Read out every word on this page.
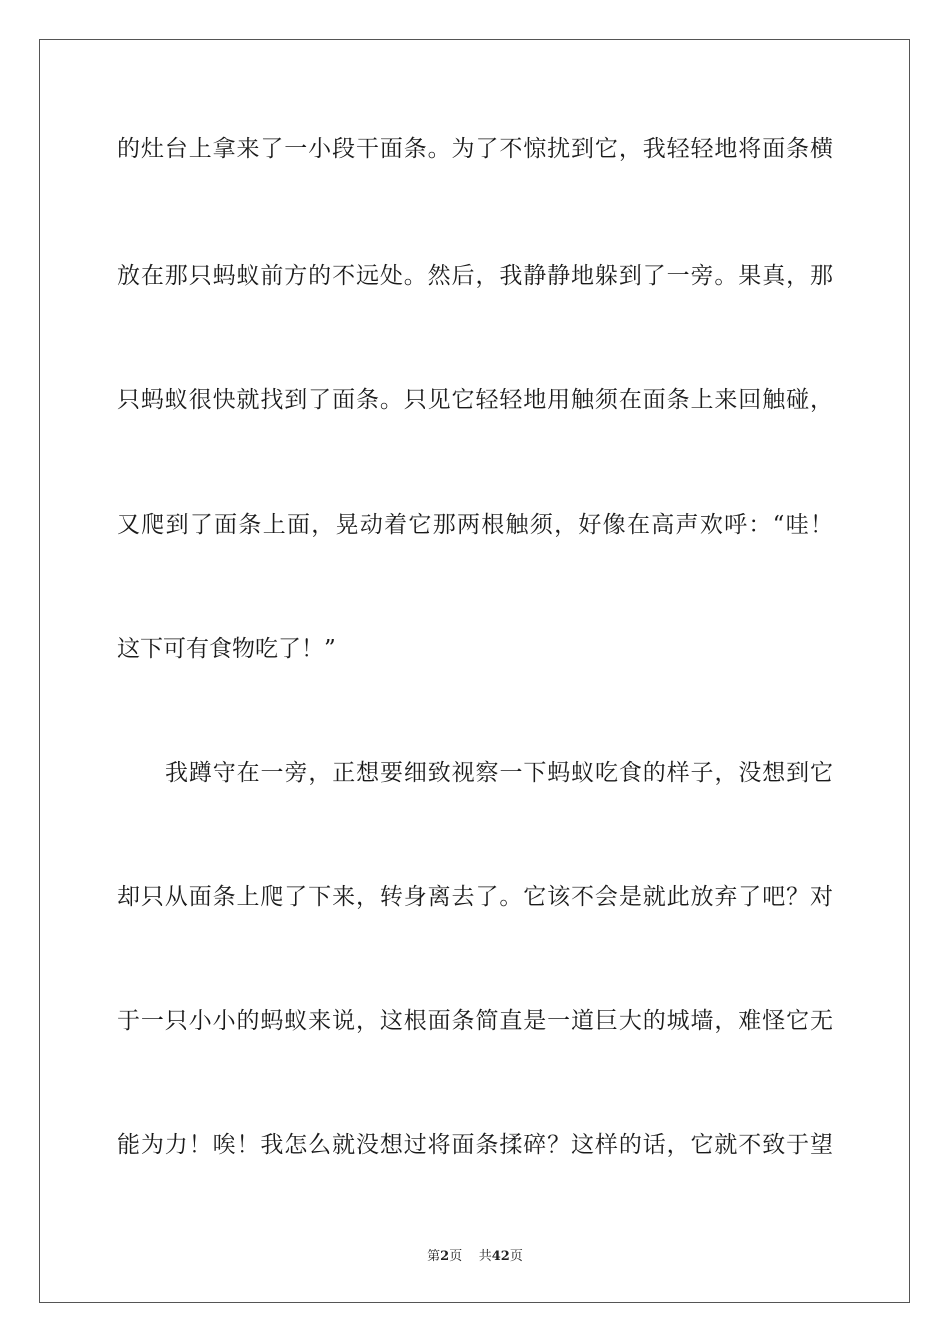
的灶台上拿来了一小段干面条。为了不惊扰到它，我轻轻地将面条横
放在那只蚂蚁前方的不远处。然后，我静静地躲到了一旁。果真，那
只蚂蚁很快就找到了面条。只见它轻轻地用触须在面条上来回触碰，
又爬到了面条上面，晃动着它那两根触须，好像在高声欢呼：“哇！
这下可有食物吃了！”
我蹲守在一旁，正想要细致视察一下蚂蚁吃食的样子，没想到它
却只从面条上爬了下来，转身离去了。它该不会是就此放弃了吧？对
于一只小小的蚂蚁来说，这根面条简直是一道巨大的城墙，难怪它无
能为力！唉！我怎么就没想过将面条揉碎？这样的话，它就不致于望
第2页 共42页
